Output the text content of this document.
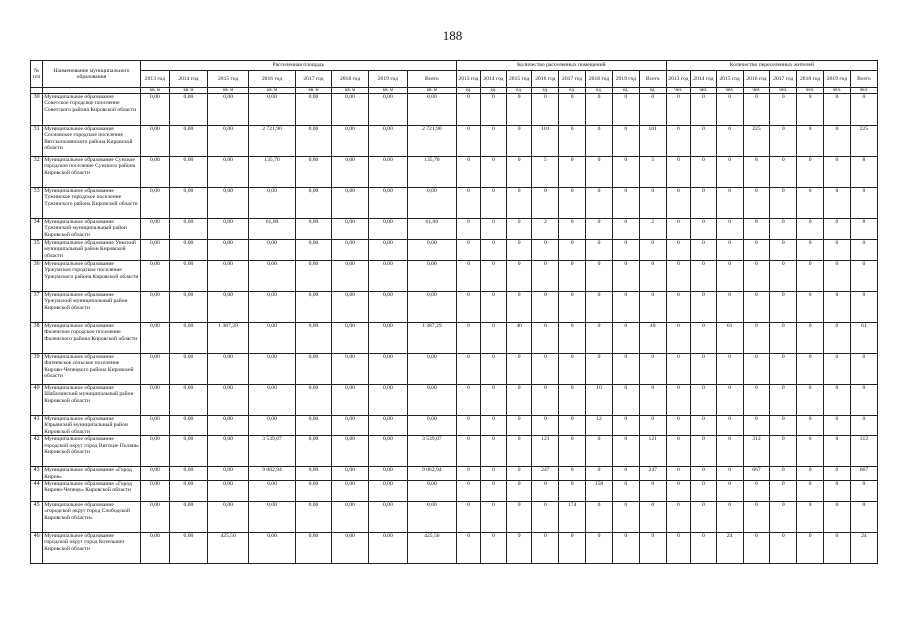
188
№ п/п	Наименование муниципального образования	Расселенная площадь								Количество расселенных помещений								Количество переселенных жителей							
		2013 год	2014 год	2015 год	2016 год	2017 год	2018 год	2019 год	Всего	2013 год	2014 год	2015 год	2016 год	2017 год	2018 год	2019 год	Всего	2013 год	2014 год	2015 год	2016 год	2017 год	2018 год	2019 год	Всего
		кв. м	кв. м	кв. м	кв. м	кв. м	кв. м	кв. м	кв. м	ед.	ед.	ед.	ед.	ед.	ед.	ед.	ед.	чел.	чел.	чел.	чел.	чел.	чел.	чел.	чел.
30	Муниципальное образование Советское городское поселение Советского района Кировской области	0,00	0,00	0,00	0,00	0,00	0,00	0,00	0,00	0	0	0	0	0	0	0	0	0	0	0	0	0	0	0	0
31	Муниципальное образование Сосновское городское поселение Вятскополянского района Кировской области	0,00	0,00	0,00	2 721,90	0,00	0,00	0,00	2 721,90	0	0	0	101	0	0	0	101	0	0	0	225	0	0	0	225
32	Муниципальное образование Сунское городское поселение Сунского района Кировской области	0,00	0,00	0,00	135,70	0,00	0,00	0,00	135,70	0	0	0	5	0	0	0	5	0	0	0	8	0	0	0	8
33	Муниципальное образование Тужинское городское поселение Тужинского района Кировской области	0,00	0,00	0,00	0,00	0,00	0,00	0,00	0,00	0	0	0	0	0	0	0	0	0	0	0	0	0	0	0	0
34	Муниципальное образование Тужинский муниципальный район Кировской области	0,00	0,00	0,00	61,00	0,00	0,00	0,00	61,00	0	0	0	2	0	0	0	2	0	0	0	8	0	0	0	8
35	Муниципальное образование Уинский муниципальный район Кировской области	0,00	0,00	0,00	0,00	0,00	0,00	0,00	0,00	0	0	0	0	0	0	0	0	0	0	0	0	0	0	0	0
36	Муниципальное образование Уржумское городское поселение Уржумского района Кировской области	0,00	0,00	0,00	0,00	0,00	0,00	0,00	0,00	0	0	0	0	0	0	0	0	0	0	0	0	0	0	0	0
37	Муниципальное образование Уржумский муниципальный район Кировской области	0,00	0,00	0,00	0,00	0,00	0,00	0,00	0,00	0	0	0	0	0	0	0	0	0	0	0	0	0	0	0	0
38	Муниципальное образование Фаленское городское поселение Фаленского района Кировской области	0,00	0,00	1 387,29	0,00	0,00	0,00	0,00	1 387,29	0	0	40	0	0	0	0	40	0	0	61	0	0	0	0	61
39	Муниципальное образование Фатеевское сельское поселение Кирово-Чепецкого района Кировской области	0,00	0,00	0,00	0,00	0,00	0,00	0,00	0,00	0	0	0	0	0	0	0	0	0	0	0	0	0	0	0	0
40	Муниципальное образование Шабалинский муниципальный район Кировской области	0,00	0,00	0,00	0,00	0,00	0,00	0,00	0,00	0	0	0	0	0	10	0	0	0	0	0	0	0	0	0	0
41	Муниципальное образование Юрьянский муниципальный район Кировской области	0,00	0,00	0,00	0,00	0,00	0,00	0,00	0,00	0	0	0	0	0	12	0	0	0	0	0	0	0	0	0	0
42	Муниципальное образование городской округ город Вятские Поляны Кировской области	0,00	0,00	0,00	3 539,07	0,00	0,00	0,00	3 539,07	0	0	0	121	0	0	0	121	0	0	0	312	0	0	0	312
43	Муниципальное образование «Город Киров»	0,00	0,00	0,00	9 062,94	0,00	0,00	0,00	9 062,94	0	0	0	247	0	0	0	247	0	0	0	667	0	0	0	667
44	Муниципальное образование «Город Кирово-Чепецк» Кировской области	0,00	0,00	0,00	0,00	0,00	0,00	0,00	0,00	0	0	0	0	0	158	0	0	0	0	0	0	0	0	0	0
45	Муниципальное образование «городской округ город Слободской Кировской области»	0,00	0,00	0,00	0,00	0,00	0,00	0,00	0,00	0	0	0	0	174	0	0	0	0	0	0	0	0	0	0	0
46	Муниципальное образование городской округ город Котельнич Кировской области	0,00	0,00	425,50	0,00	0,00	0,00	0,00	425,50	0	0	9	0	0	0	0	9	0	0	24	0	0	0	0	24
